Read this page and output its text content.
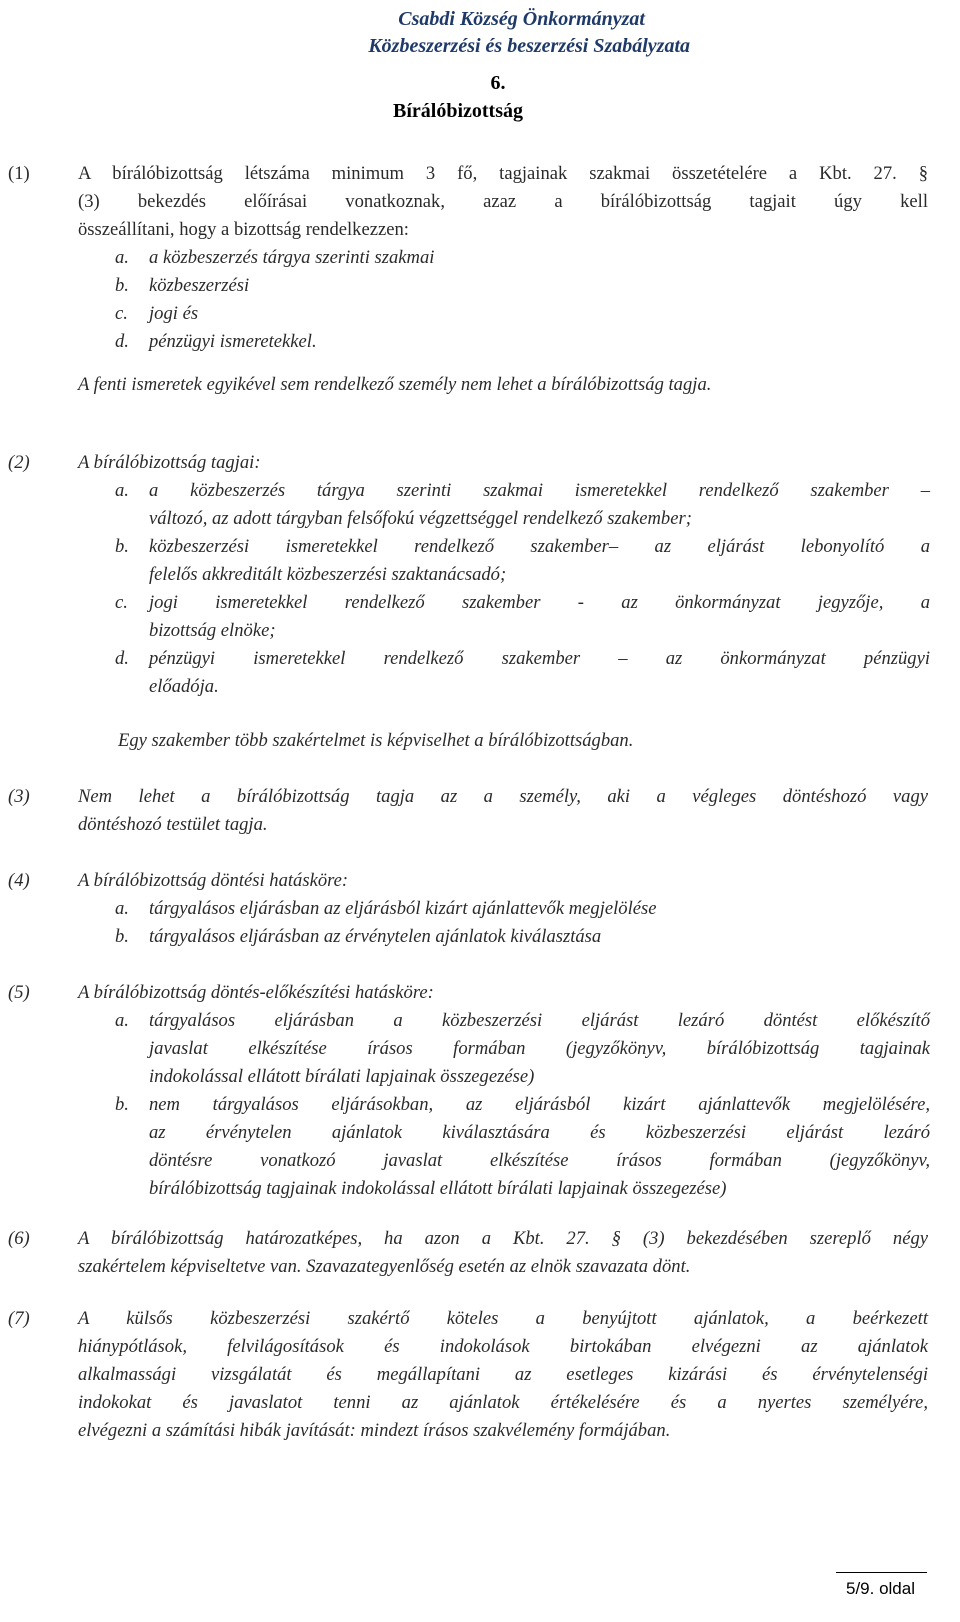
Csabdi Község Önkormányzat
Közbeszerzési és beszerzési Szabályzata
6.
Bírálóbizottság
(1)	A bírálóbizottság létszáma minimum 3 fő, tagjainak szakmai összetételére a Kbt. 27. §
(3) bekezdés előírásai vonatkoznak, azaz a bírálóbizottság tagjait úgy kell
összeállítani, hogy a bizottság rendelkezzen:
a.	a közbeszerzés tárgya szerinti szakmai
b.	közbeszerzési
c.	jogi és
d.	pénzügyi ismeretekkel.
A fenti ismeretek egyikével sem rendelkező személy nem lehet a bírálóbizottság tagja.
(2)	A bírálóbizottság tagjai:
a.	a közbeszerzés tárgya szerinti szakmai ismeretekkel rendelkező szakember –
változó, az adott tárgyban felsőfokú végzettséggel rendelkező szakember;
b.	közbeszerzési ismeretekkel rendelkező szakember– az eljárást lebonyolító a
felelős akkreditált közbeszerzési szaktanácsadó;
c.	jogi ismeretekkel rendelkező szakember - az önkormányzat jegyzője, a
bizottság elnöke;
d.	pénzügyi ismeretekkel rendelkező szakember – az önkormányzat pénzügyi
előadója.
Egy szakember több szakértelmet is képviselhet a bírálóbizottságban.
(3)	Nem lehet a bírálóbizottság tagja az a személy, aki a végleges döntéshozó vagy
döntéshozó testület tagja.
(4)	A bírálóbizottság döntési hatásköre:
a.	tárgyalásos eljárásban az eljárásból kizárt ajánlattevők megjelölése
b.	tárgyalásos eljárásban az érvénytelen ajánlatok kiválasztása
(5)	A bírálóbizottság döntés-előkészítési hatásköre:
a.	tárgyalásos eljárásban a közbeszerzési eljárást lezáró döntést előkészítő
javaslat elkészítése írásos formában (jegyzőkönyv, bírálóbizottság tagjainak
indokolással ellátott bírálati lapjainak összegezése)
b.	nem tárgyalásos eljárásokban, az eljárásból kizárt ajánlattevők megjelölésére,
az érvénytelen ajánlatok kiválasztására és közbeszerzési eljárást lezáró
döntésre vonatkozó javaslat elkészítése írásos formában (jegyzőkönyv,
bírálóbizottság tagjainak indokolással ellátott bírálati lapjainak összegezése)
(6)	A bírálóbizottság határozatképes, ha azon a Kbt. 27. § (3) bekezdésében szereplő négy
szakértelem képviseltetve van. Szavazategyenlőség esetén az elnök szavazata dönt.
(7)	A külsős közbeszerzési szakértő köteles a benyújtott ajánlatok, a beérkezett
hiánypótlások, felvilágosítások és indokolások birtokában elvégezni az ajánlatok
alkalmassági vizsgálatát és megállapítani az esetleges kizárási és érvénytelenségi
indokokat és javaslatot tenni az ajánlatok értékelésére és a nyertes személyére,
elvégezni a számítási hibák javítását: mindezt írásos szakvélemény formájában.
5/9. oldal
